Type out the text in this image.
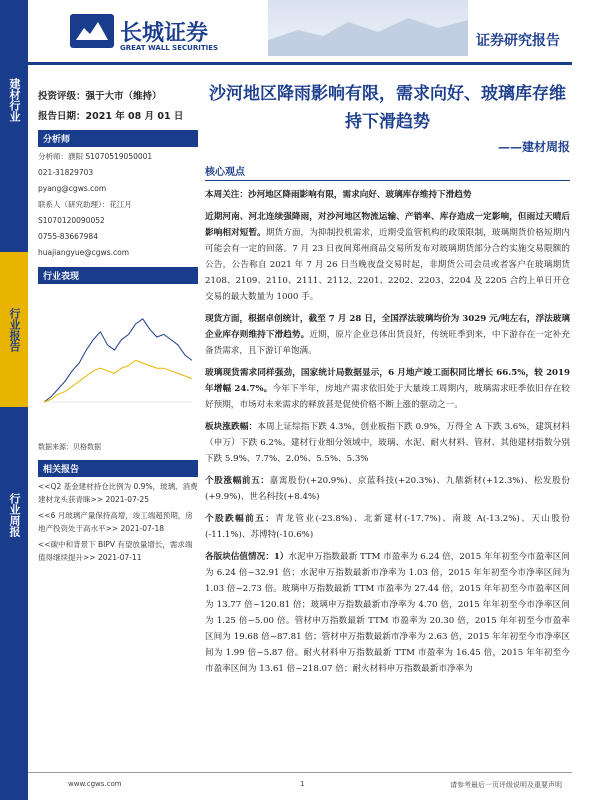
建材行业
行业报告
行业周报
长城证券
GREAT WALL SECURITIES	证券研究报告
投资评级：强于大市（维持）
报告日期：2021 年 08 月 01 日
分析师
分析师：濮阳 S1070519050001
021-31829703
pyang@cgws.com
联系人（研究助理）：花江月
S1070120090052
0755-83667984
huajiangyue@cgws.com
行业表现
数据来源：贝格数据
相关报告
<<Q2 基金建材持仓比例为 0.9%，玻璃、消费建材龙头获青睐>> 2021-07-25
<<6 月玻璃产量保持高增，竣工端超预期，房地产投资处于高水平>> 2021-07-18
<<碳中和背景下 BIPV 有望放量增长，需求端值得继续提升>> 2021-07-11
沙河地区降雨影响有限，需求向好、玻璃库存维持下滑趋势
——建材周报
核心观点
本周关注：沙河地区降雨影响有限，需求向好、玻璃库存维持下滑趋势
近期河南、河北连续强降雨，对沙河地区物流运输、产销率、库存造成一定影响，但雨过天晴后影响相对短暂。期货方面，为抑制投机需求，近期受监管机构的政策限制，玻璃期货价格短期内可能会有一定的回落。7 月 23 日夜间郑州商品交易所发布对玻璃期货部分合约实施交易限额的公告，公告称自 2021 年 7 月 26 日当晚夜盘交易时起，非期货公司会员或者客户在玻璃期货 2108、2109、2110、2111、2112、2201、2202、2203、2204 及 2205 合约上单日开仓交易的最大数量为 1000 手。
现货方面，根据卓创统计，截至 7 月 28 日，全国浮法玻璃均价为 3029 元/吨左右，浮法玻璃企业库存则维持下滑趋势。近期，原片企业总体出货良好，传统旺季到来，中下游存在一定补充备货需求，且下游订单饱满。
玻璃现货需求同样强劲，国家统计局数据显示，6 月地产竣工面积同比增长 66.5%，较 2019 年增幅 24.7%。今年下半年，房地产需求依旧处于大量竣工周期内，玻璃需求旺季依旧存在较好预期，市场对未来需求的释放甚是促使价格不断上涨的驱动之一。
板块涨跌幅：本周上证综指下跌 4.3%，创业板指下跌 0.9%，万得全 A 下跌 3.6%，建筑材料（申万）下跌 6.2%。建材行业细分领域中，玻璃、水泥、耐火材料、管材、其他建材指数分别下跌 5.9%、7.7%、2.0%、5.5%、5.3%
个股涨幅前五：嘉寓股份(+20.9%)、京蓝科技(+20.3%)、九鼎新材(+12.3%)、松发股份(+9.9%)、世名科技(+8.4%)
个股跌幅前五：青龙管业(-23.8%)、北新建材(-17.7%)、南玻 A(-13.2%)、天山股份(-11.1%)、苏博特(-10.6%)
各版块估值情况：1）水泥申万指数最新 TTM 市盈率为 6.24 倍，2015 年年初至今市盈率区间为 6.24 倍~32.91 倍；水泥申万指数最新市净率为 1.03 倍，2015 年年初至今市净率区间为 1.03 倍~2.73 倍。玻璃申万指数最新 TTM 市盈率为 27.44 倍，2015 年年初至今市盈率区间为 13.77 倍~120.81 倍；玻璃申万指数最新市净率为 4.70 倍，2015 年年初至今市净率区间为 1.25 倍~5.00 倍。管材申万指数最新 TTM 市盈率为 20.30 倍，2015 年年初至今市盈率区间为 19.68 倍~87.81 倍；管材申万指数最新市净率为 2.63 倍，2015 年年初至今市净率区间为 1.99 倍~5.87 倍。耐火材料申万指数最新 TTM 市盈率为 16.45 倍，2015 年年初至今市盈率区间为 13.61 倍~218.07 倍；耐火材料申万指数最新市净率为
www.cgws.com	1	请参考最后一页评级说明及重要声明
